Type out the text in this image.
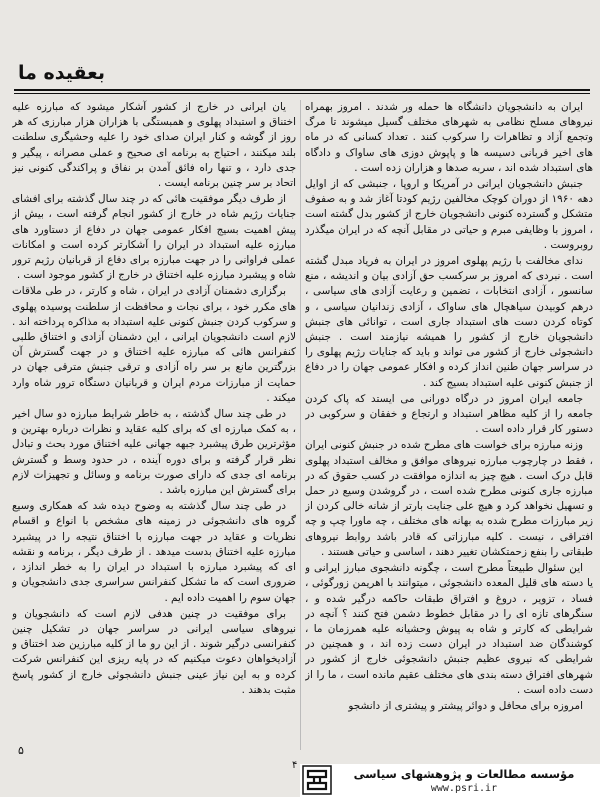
بعقیده‌ ما

ایران به دانشجویان دانشگاه ها حمله ور شدند . امروز بهمراه نیروهای مسلح نظامی به شهرهای مختلف گسیل میشوند تا مرگ وتجمع آزاد و تظاهرات را سرکوب کنند . تعداد کسانی که در ماه های اخیر قربانی دسیسه ها و پاپوش دوزی های ساواک و دادگاه های استبداد شده اند ، سربه صدها و هزاران زده است .

جنبش دانشجویان ایرانی در آمریکا و اروپا ، جنبشی که از اوایل دهه ۱۹۶۰ از دوران کوچک مخالفین رژیم کودتا آغاز شد و به صفوف متشکل و گسترده کنونی دانشجویان خارج از کشور بدل گشته است ، امروز با وظایفی مبرم و حیاتی در مقابل آنچه که در ایران میگذرد روبروست .

ندای مخالفت با رژیم پهلوی امروز در ایران به فریاد مبدل گشته است . نبردی که امروز بر سرکسب حق آزادی بیان و اندیشه ، منع سانسور ، آزادی انتخابات ، تضمین و رعایت آزادی های سیاسی ، درهم کوبیدن سیاهچال های ساواک ، آزادی زندانیان سیاسی ، و کوتاه کردن دست های استبداد جاری است ، توانائی های جنبش دانشجویان خارج از کشور را همیشه نیازمند است . جنبش دانشجوئی خارج از کشور می تواند و باید که جنایات رژیم پهلوی را در سراسر جهان طنین انداز کرده و افکار عمومی جهان را در دفاع از جنبش کنونی علیه استبداد بسیج کند .

جامعه ایران امروز در درگاه دورانی می ایستد که پاک کردن جامعه را از کلیه مظاهر استبداد و ارتجاع و خفقان و سرکوبی در دستور کار قرار داده است .

وزنه مبارزه برای خواست های مطرح شده در جنبش کنونی ایران ، فقط در چارچوب مبارزه نیروهای موافق و مخالف استبداد پهلوی قابل درک است . هیچ چیز به اندازه موافقت در کسب حقوق که در مبارزه جاری کنونی مطرح شده است ، در گروشدن وسیع در حمل و تسهیل نخواهد کرد و هیچ علی جنایت بارتر از شانه خالی کردن از زیر مبارزات مطرح شده به بهانه های مختلف ، چه ماورا چپ و چه افتراقی ، نیست . کلیه مبارزاتی که قادر باشد روابط نیروهای طبقاتی را بنفع زحمتکشان تغییر دهند ، اساسی و حیاتی هستند .

این سئوال طبیعتاً مطرح است ، چگونه دانشجوی مبارز ایرانی و یا دسته های قلیل المعده دانشجوئی ، میتوانند با اهریمن زورگوئی ، فساد ، تزویر ، دروغ و افتراق طبقات حاکمه درگیر شده و ، سنگرهای تازه ای را در مقابل خطوط دشمن فتح کنند ؟ آنچه در شرایطی که کارتر و شاه به پیوش وحشیانه علیه همرزمان ما ، کوشندگان ضد استبداد در ایران دست زده اند ، و همچنین در شرایطی که نیروی عظیم جنبش دانشجوئی خارج از کشور در شهرهای افتراق دسته بندی های مختلف عقیم مانده است ، ما را از دست داده است .

امروزه برای محافل و دوائر پیشتر و پیشتری از دانشجو

یان ایرانی در خارج از کشور آشکار میشود که مبارزه علیه اختناق و استبداد پهلوی و همبستگی با هزاران هزار مبارزی که هر روز از گوشه و کنار ایران صدای خود را علیه وحشیگری سلطنت بلند میکنند ، احتیاج به برنامه ای صحیح و عملی مصرانه ، پیگیر و جدی دارد ، و تنها راه فائق آمدن بر نفاق و پراکندگی کنونی نیز اتحاد بر سر چنین برنامه ایست .

از طرف دیگر موفقیت هائی که در چند سال گذشته برای افشای جنایات رژیم شاه در خارج از کشور انجام گرفته است ، بیش از پیش اهمیت بسیج افکار عمومی جهان در دفاع از دستاورد های مبارزه علیه استبداد در ایران را آشکارتر کرده است و امکانات عملی فراوانی را در جهت مبارزه برای دفاع از قربانیان رژیم ترور شاه و پیشبرد مبارزه علیه اختناق در خارج از کشور موجود است .

برگزاری دشمنان آزادی در ایران ، شاه و کارتر ، در طی ملاقات های مکرر خود ، برای نجات و محافظت از سلطنت پوسیده پهلوی و سرکوب کردن جنبش کنونی علیه استبداد به مذاکره پرداخته اند . لازم است دانشجویان ایرانی ، این دشمنان آزادی و اختناق طلبی کنفرانس هائی که مبارزه علیه اختناق و در جهت گسترش آن بزرگترین مانع بر سر راه آزادی و ترقی جنبش مترقی جهان در حمایت از مبارزات مردم ایران و قربانیان دستگاه ترور شاه وارد میکند .

در طی چند سال گذشته ، به خاطر شرایط مبارزه دو سال اخیر ، به کمک مبارزه ای که برای کلیه عقاید و نظرات درباره بهترین و مؤثرترین طرق پیشبرد جبهه جهانی علیه اختناق مورد بحث و تبادل نظر قرار گرفته و برای دوره آینده ، در حدود وسط و گسترش برنامه ای جدی که دارای صورت برنامه و وسائل و تجهیزات لازم برای گسترش این مبارزه باشد .

در طی چند سال گذشته به وضوح دیده شد که همکاری وسیع گروه های دانشجوئی در زمینه های مشخص با انواع و اقسام نظریات و عقاید در جهت مبارزه با اختناق نتیجه را در پیشبرد مبارزه علیه اختناق بدست میدهد . از طرف دیگر ، برنامه و نقشه ای که پیشبرد مبارزه با استبداد در ایران را به خطر اندازد ، ضروری است که ما تشکل کنفرانس سراسری جدی دانشجویان و جهان سوم را اهمیت داده ایم .

برای موفقیت در چنین هدفی لازم است که دانشجویان و نیروهای سیاسی ایرانی در سراسر جهان در تشکیل چنین کنفرانسی درگیر شوند . از این رو ما از کلیه مبارزین ضد اختناق و آزادیخواهان دعوت میکنیم که در پایه ریزی این کنفرانس شرکت کرده و به این نیاز عینی جنبش دانشجوئی خارج از کشور پاسخ مثبت بدهند .

۵
۴
مؤسسه مطالعات و پژوهشهای سیاسی
www.psri.ir
